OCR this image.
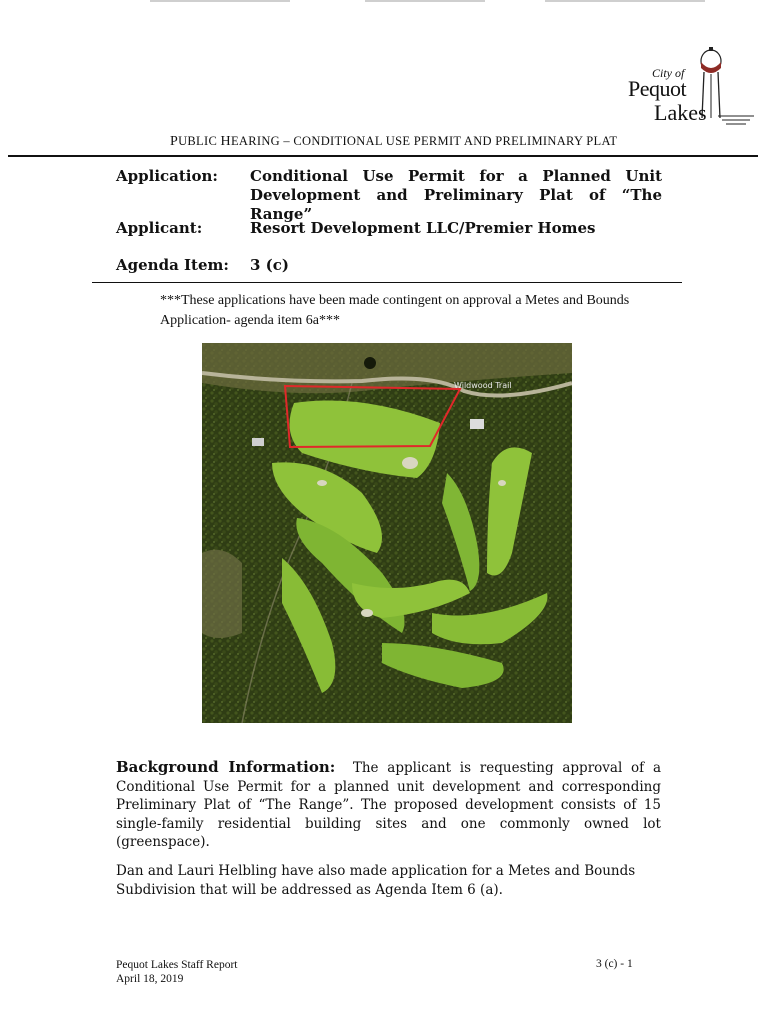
City of
Pequot
Lakes
PUBLIC HEARING – CONDITIONAL USE PERMIT AND PRELIMINARY PLAT
Application: Conditional Use Permit for a Planned Unit Development and Preliminary Plat of “The Range”
Applicant:	Resort Development LLC/Premier Homes
Agenda Item: 3 (c)
***These applications have been made contingent on approval a Metes and Bounds Application- agenda item 6a***
Wildwood Trail
Background Information: The applicant is requesting approval of a Conditional Use Permit for a planned unit development and corresponding Preliminary Plat of “The Range”. The proposed development consists of 15 single-family residential building sites and one commonly owned lot (greenspace).
Dan and Lauri Helbling have also made application for a Metes and Bounds Subdivision that will be addressed as Agenda Item 6 (a).
Pequot Lakes Staff Report
April 18, 2019
3 (c) - 1
